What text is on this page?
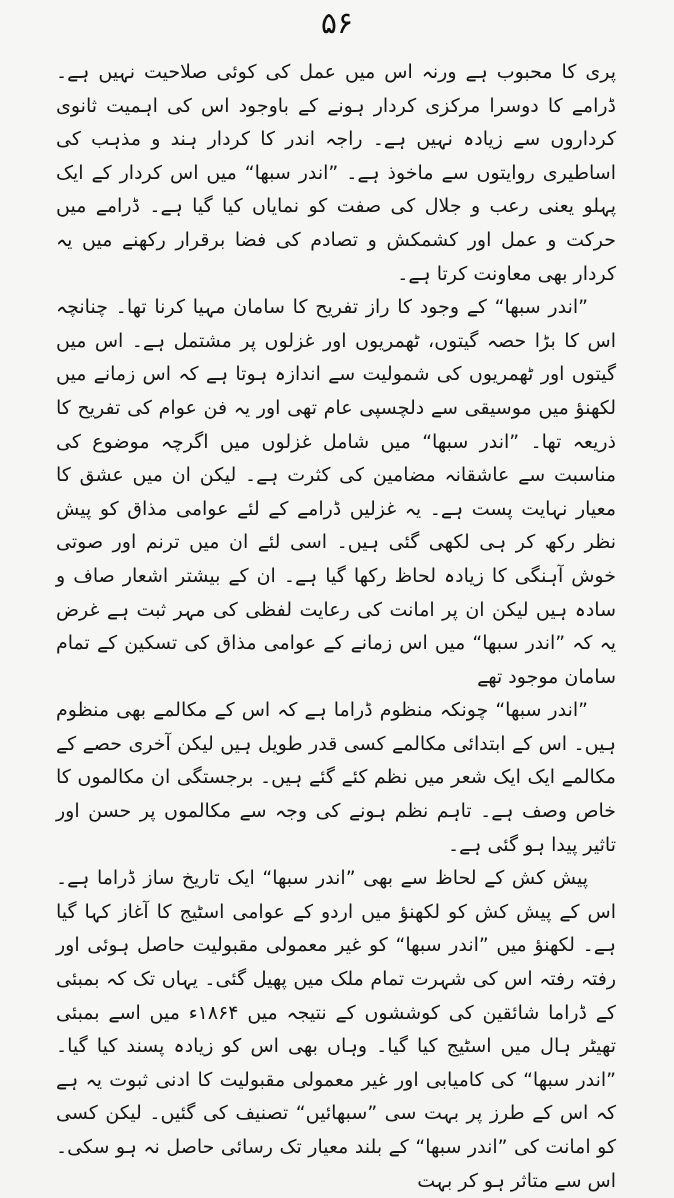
۵۶

پری کا محبوب ہے ورنہ اس میں عمل کی کوئی صلاحیت نہیں ہے۔ ڈرامے کا دوسرا مرکزی کردار ہونے کے باوجود اس کی اہمیت ثانوی کرداروں سے زیادہ نہیں ہے۔ راجہ اندر کا کردار ہند و مذہب کی اساطیری روایتوں سے ماخوذ ہے۔ ”اندر سبھا“ میں اس کردار کے ایک پہلو یعنی رعب و جلال کی صفت کو نمایاں کیا گیا ہے۔ ڈرامے میں حرکت و عمل اور کشمکش و تصادم کی فضا برقرار رکھنے میں یہ کردار بھی معاونت کرتا ہے۔

”اندر سبھا“ کے وجود کا راز تفریح کا سامان مہیا کرنا تھا۔ چنانچہ اس کا بڑا حصہ گیتوں، ٹھمریوں اور غزلوں پر مشتمل ہے۔ اس میں گیتوں اور ٹھمریوں کی شمولیت سے اندازہ ہوتا ہے کہ اس زمانے میں لکھنؤ میں موسیقی سے دلچسپی عام تھی اور یہ فن عوام کی تفریح کا ذریعہ تھا۔ ”اندر سبھا“ میں شامل غزلوں میں اگرچہ موضوع کی مناسبت سے عاشقانہ مضامین کی کثرت ہے۔ لیکن ان میں عشق کا معیار نہایت پست ہے۔ یہ غزلیں ڈرامے کے لئے عوامی مذاق کو پیش نظر رکھ کر ہی لکھی گئی ہیں۔ اسی لئے ان میں ترنم اور صوتی خوش آہنگی کا زیادہ لحاظ رکھا گیا ہے۔ ان کے بیشتر اشعار صاف و سادہ ہیں لیکن ان پر امانت کی رعایت لفظی کی مہر ثبت ہے غرض یہ کہ ”اندر سبھا“ میں اس زمانے کے عوامی مذاق کی تسکین کے تمام سامان موجود تھے

”اندر سبھا“ چونکہ منظوم ڈراما ہے کہ اس کے مکالمے بھی منظوم ہیں۔ اس کے ابتدائی مکالمے کسی قدر طویل ہیں لیکن آخری حصے کے مکالمے ایک ایک شعر میں نظم کئے گئے ہیں۔ برجستگی ان مکالموں کا خاص وصف ہے۔ تاہم نظم ہونے کی وجہ سے مکالموں پر حسن اور تاثیر پیدا ہو گئی ہے۔

پیش کش کے لحاظ سے بھی ”اندر سبھا“ ایک تاریخ ساز ڈراما ہے۔ اس کے پیش کش کو لکھنؤ میں اردو کے عوامی اسٹیج کا آغاز کہا گیا ہے۔ لکھنؤ میں ”اندر سبھا“ کو غیر معمولی مقبولیت حاصل ہوئی اور رفتہ رفتہ اس کی شہرت تمام ملک میں پھیل گئی۔ یہاں تک کہ بمبئی کے ڈراما شائقین کی کوششوں کے نتیجہ میں ۱۸۶۴ء میں اسے بمبئی تھیٹر ہال میں اسٹیج کیا گیا۔ وہاں بھی اس کو زیادہ پسند کیا گیا۔ ”اندر سبھا“ کی کامیابی اور غیر معمولی مقبولیت کا ادنی ثبوت یہ ہے کہ اس کے طرز پر بہت سی ”سبھائیں“ تصنیف کی گئیں۔ لیکن کسی کو امانت کی ”اندر سبھا“ کے بلند معیار تک رسائی حاصل نہ ہو سکی۔ اس سے متاثر ہو کر بہت
